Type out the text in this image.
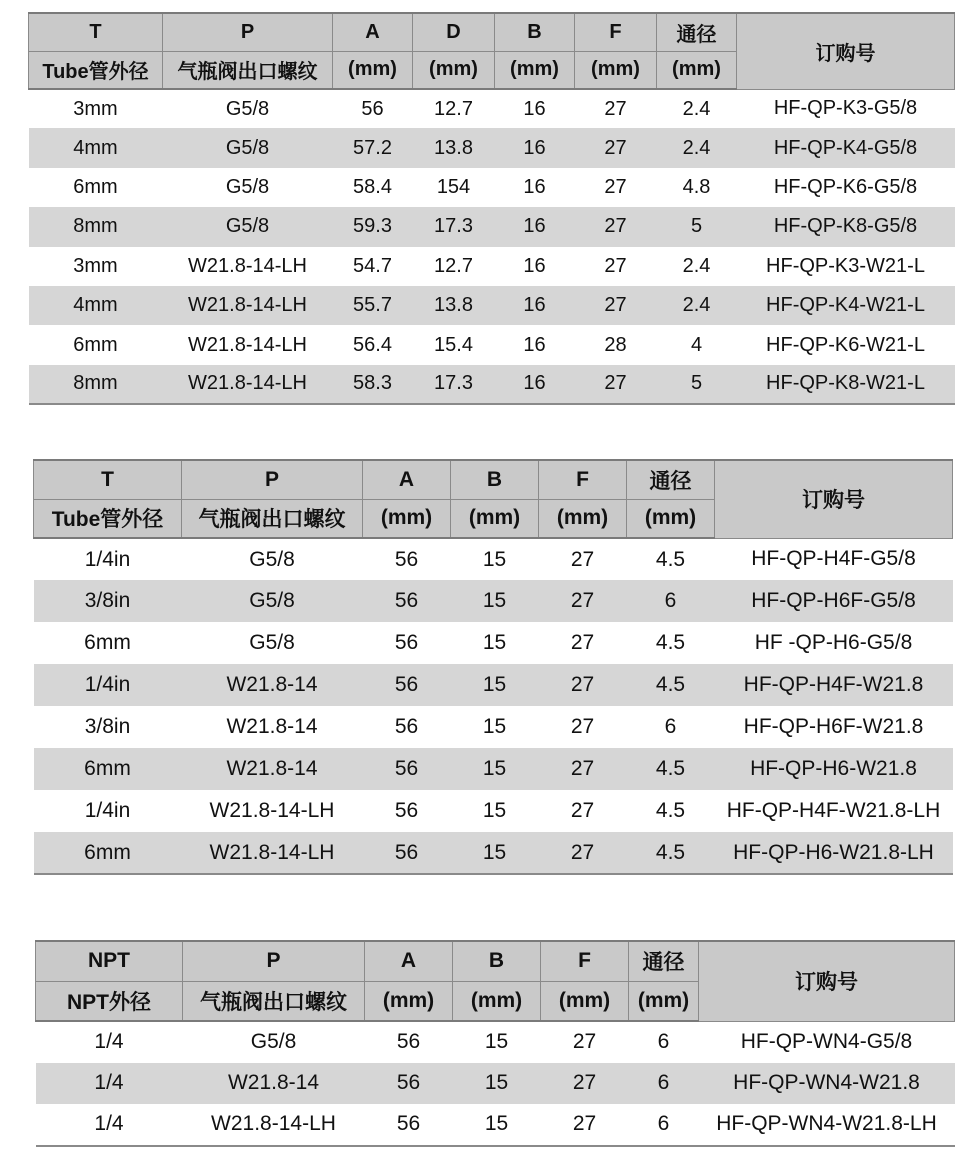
T	P	A	D	B	F	通径	订购号
Tube管外径	气瓶阀出口螺纹	(mm)	(mm)	(mm)	(mm)	(mm)	
3mm	G5/8	56	12.7	16	27	2.4	HF-QP-K3-G5/8
4mm	G5/8	57.2	13.8	16	27	2.4	HF-QP-K4-G5/8
6mm	G5/8	58.4	154	16	27	4.8	HF-QP-K6-G5/8
8mm	G5/8	59.3	17.3	16	27	5	HF-QP-K8-G5/8
3mm	W21.8-14-LH	54.7	12.7	16	27	2.4	HF-QP-K3-W21-L
4mm	W21.8-14-LH	55.7	13.8	16	27	2.4	HF-QP-K4-W21-L
6mm	W21.8-14-LH	56.4	15.4	16	28	4	HF-QP-K6-W21-L
8mm	W21.8-14-LH	58.3	17.3	16	27	5	HF-QP-K8-W21-L
T	P	A	B	F	通径	订购号
Tube管外径	气瓶阀出口螺纹	(mm)	(mm)	(mm)	(mm)	
1/4in	G5/8	56	15	27	4.5	HF-QP-H4F-G5/8
3/8in	G5/8	56	15	27	6	HF-QP-H6F-G5/8
6mm	G5/8	56	15	27	4.5	HF -QP-H6-G5/8
1/4in	W21.8-14	56	15	27	4.5	HF-QP-H4F-W21.8
3/8in	W21.8-14	56	15	27	6	HF-QP-H6F-W21.8
6mm	W21.8-14	56	15	27	4.5	HF-QP-H6-W21.8
1/4in	W21.8-14-LH	56	15	27	4.5	HF-QP-H4F-W21.8-LH
6mm	W21.8-14-LH	56	15	27	4.5	HF-QP-H6-W21.8-LH
NPT	P	A	B	F	通径	订购号
NPT外径	气瓶阀出口螺纹	(mm)	(mm)	(mm)	(mm)	
1/4	G5/8	56	15	27	6	HF-QP-WN4-G5/8
1/4	W21.8-14	56	15	27	6	HF-QP-WN4-W21.8
1/4	W21.8-14-LH	56	15	27	6	HF-QP-WN4-W21.8-LH
